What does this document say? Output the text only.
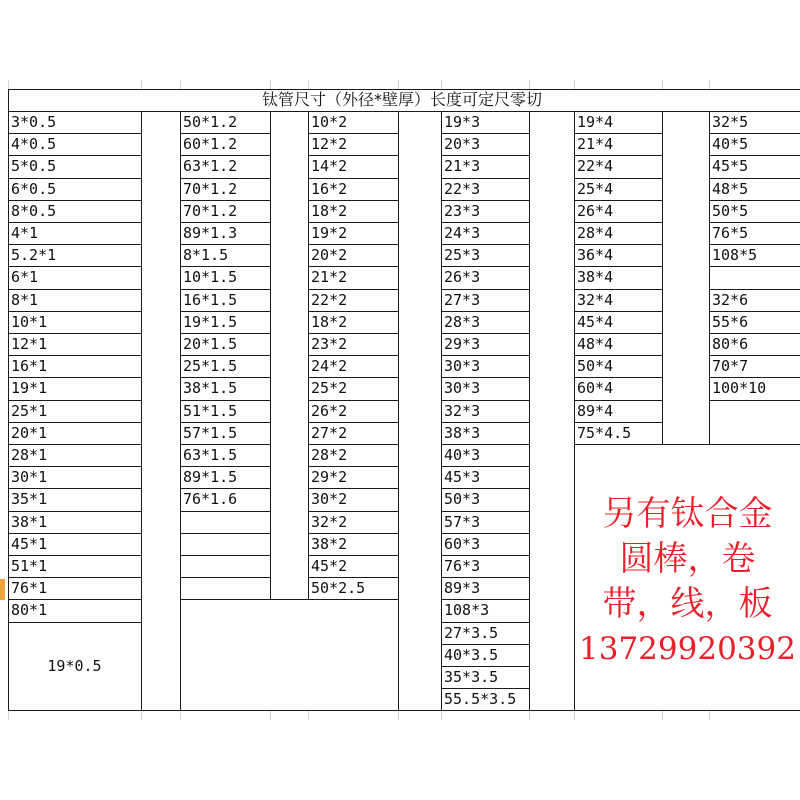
钛管尺寸（外径*壁厚）长度可定尺零切
3*0.5
4*0.5
5*0.5
6*0.5
8*0.5
4*1
5.2*1
6*1
8*1
10*1
12*1
16*1
19*1
25*1
20*1
28*1
30*1
35*1
38*1
45*1
51*1
76*1
80*1
50*1.2
60*1.2
63*1.2
70*1.2
70*1.2
89*1.3
8*1.5
10*1.5
16*1.5
19*1.5
20*1.5
25*1.5
38*1.5
51*1.5
57*1.5
63*1.5
89*1.5
76*1.6
10*2
12*2
14*2
16*2
18*2
19*2
20*2
21*2
22*2
18*2
23*2
24*2
25*2
26*2
27*2
28*2
29*2
30*2
32*2
38*2
45*2
50*2.5
19*3
20*3
21*3
22*3
23*3
24*3
25*3
26*3
27*3
28*3
29*3
30*3
30*3
32*3
38*3
40*3
45*3
50*3
57*3
60*3
76*3
89*3
108*3
27*3.5
40*3.5
35*3.5
55.5*3.5
19*4
21*4
22*4
25*4
26*4
28*4
36*4
38*4
32*4
45*4
48*4
50*4
60*4
89*4
75*4.5
32*5
40*5
45*5
48*5
50*5
76*5
108*5
32*6
55*6
80*6
70*7
100*10
19*0.5
另有钛合金
圆棒，卷
带，线，板
13729920392
